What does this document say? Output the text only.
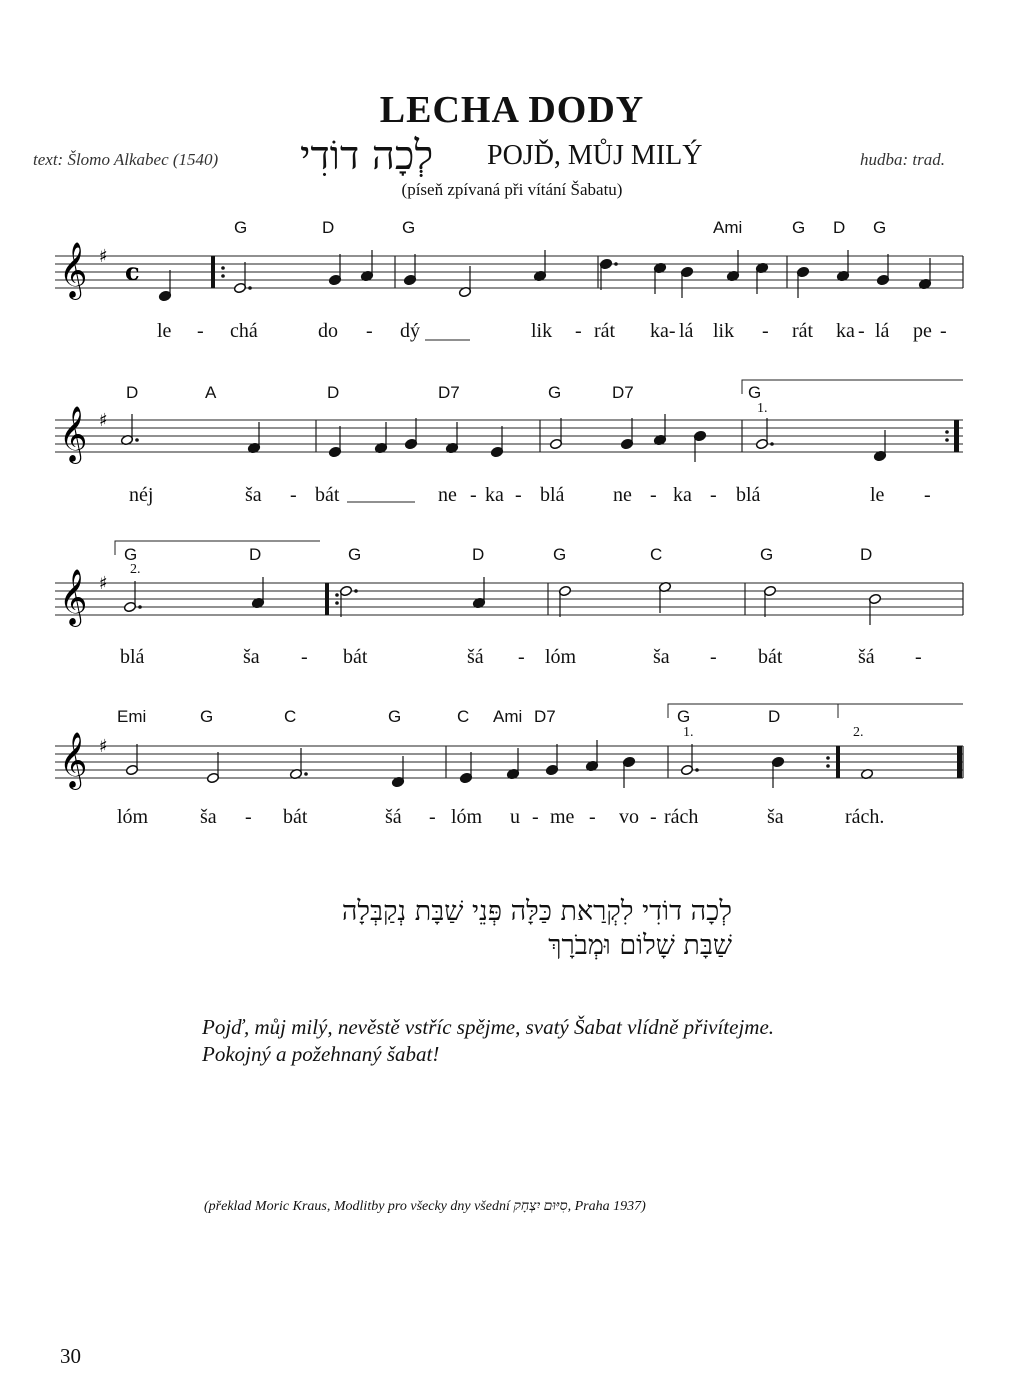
LECHA DODY
text: Šlomo Alkabec (1540) לְכָה דוֹדִי POJĎ, MŮJ MILÝ	hudba: trad.
(píseň zpívaná při vítání Šabatu)
𝄞 ♯
c
𝄞 ♯
𝄞 ♯
𝄞 ♯
G	D	G	Ami	G D G
le - chá	do - dý	lik - rát ka- lá lik - rát ka - lá pe -
D	A	D	D7	G	D7	G
1.
néj	ša - bát	ne - ka - blá ne - ka - blá	le -
G	D	G	D	G	C	G	D
2.
blá	ša - bát	šá - lóm	ša - bát	šá -
Emi	G	C	G	C Ami D7	G	D
1.	2.
lóm	ša - bát	šá - lóm u - me - vo - rách	ša	rách.
לְכָה דוֹדִי לִקְרַאת כַּלָּה פְּנֵי שַׁבָּת נְקַבְּלָה
שַׁבָּת שָׁלוֹם וּמְבֹרָךְ
Pojď, můj milý, nevěstě vstříc spějme, svatý Šabat vlídně přivítejme.
Pokojný a požehnaný šabat!
(překlad Moric Kraus, Modlitby pro všecky dny všední סִיּוּם יִצְחָק, Praha 1937)
30
